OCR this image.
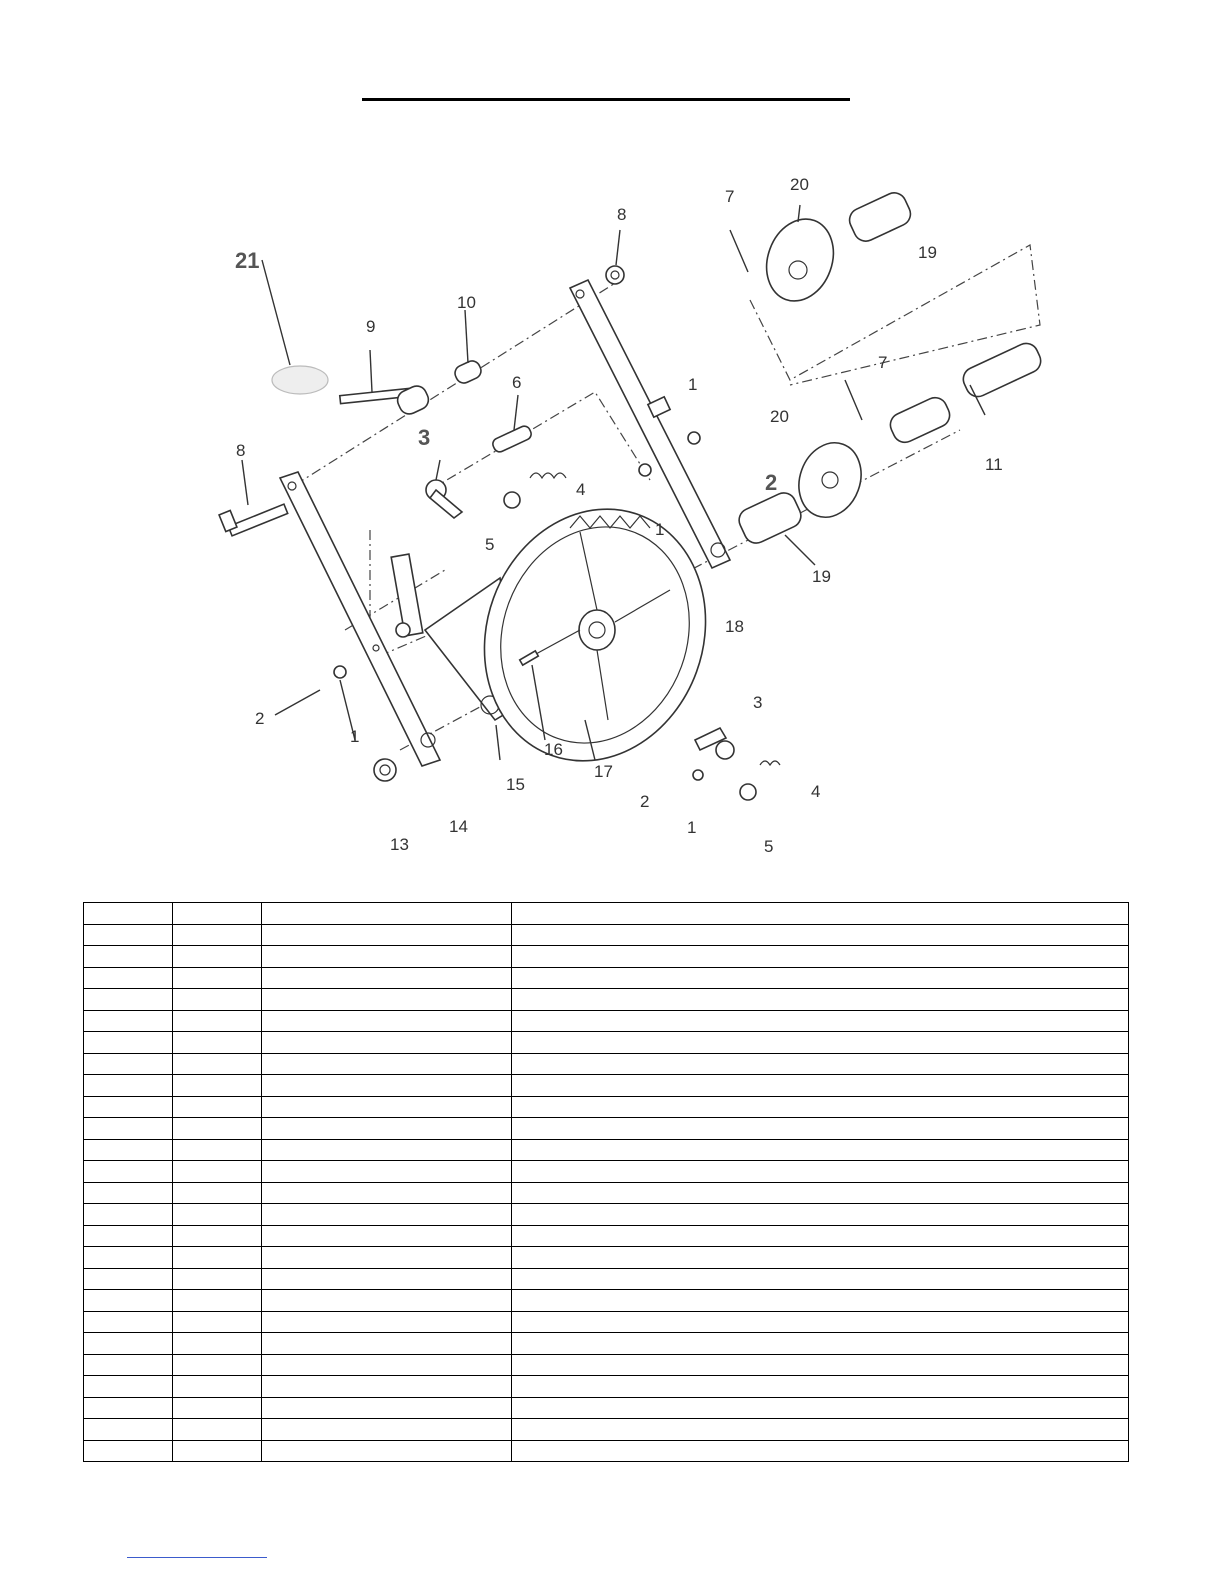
21
9
10
8
20
7
19
8
3
6
4
5
1
1
7
20
11
2
19
18
2
1
16
17
15
14
13
3
4
2
1
5
